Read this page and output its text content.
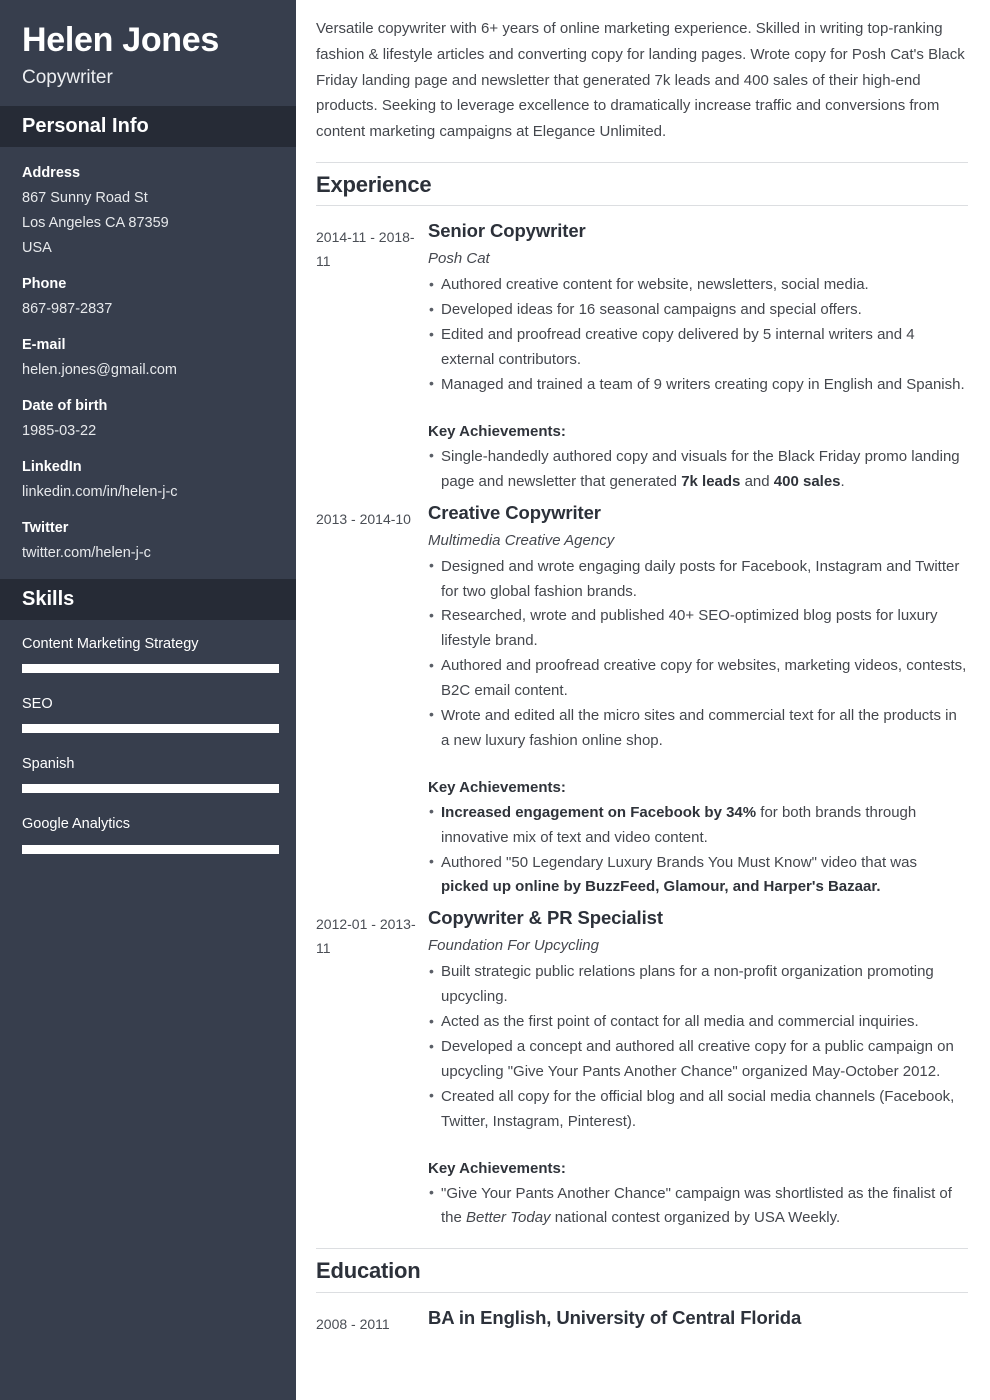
Helen Jones
Copywriter
Personal Info
Address
867 Sunny Road St
Los Angeles CA 87359
USA
Phone
867-987-2837
E-mail
helen.jones@gmail.com
Date of birth
1985-03-22
LinkedIn
linkedin.com/in/helen-j-c
Twitter
twitter.com/helen-j-c
Skills
Content Marketing Strategy
SEO
Spanish
Google Analytics

Versatile copywriter with 6+ years of online marketing experience. Skilled in writing top-ranking fashion & lifestyle articles and converting copy for landing pages. Wrote copy for Posh Cat's Black Friday landing page and newsletter that generated 7k leads and 400 sales of their high-end products. Seeking to leverage excellence to dramatically increase traffic and conversions from content marketing campaigns at Elegance Unlimited.

Experience
2014-11 - 2018-11
Senior Copywriter
Posh Cat
• Authored creative content for website, newsletters, social media.
• Developed ideas for 16 seasonal campaigns and special offers.
• Edited and proofread creative copy delivered by 5 internal writers and 4 external contributors.
• Managed and trained a team of 9 writers creating copy in English and Spanish.
Key Achievements:
• Single-handedly authored copy and visuals for the Black Friday promo landing page and newsletter that generated 7k leads and 400 sales.
2013 - 2014-10 Creative Copywriter
Multimedia Creative Agency
• Designed and wrote engaging daily posts for Facebook, Instagram and Twitter for two global fashion brands.
• Researched, wrote and published 40+ SEO-optimized blog posts for luxury lifestyle brand.
• Authored and proofread creative copy for websites, marketing videos, contests, B2C email content.
• Wrote and edited all the micro sites and commercial text for all the products in a new luxury fashion online shop.
Key Achievements:
• Increased engagement on Facebook by 34% for both brands through innovative mix of text and video content.
• Authored "50 Legendary Luxury Brands You Must Know" video that was picked up online by BuzzFeed, Glamour, and Harper's Bazaar.
2012-01 - 2013-11
Copywriter & PR Specialist
Foundation For Upcycling
• Built strategic public relations plans for a non-profit organization promoting upcycling.
• Acted as the first point of contact for all media and commercial inquiries.
• Developed a concept and authored all creative copy for a public campaign on upcycling "Give Your Pants Another Chance" organized May-October 2012.
• Created all copy for the official blog and all social media channels (Facebook, Twitter, Instagram, Pinterest).
Key Achievements:
• "Give Your Pants Another Chance" campaign was shortlisted as the finalist of the Better Today national contest organized by USA Weekly.
Education
2008 - 2011	BA in English, University of Central Florida
